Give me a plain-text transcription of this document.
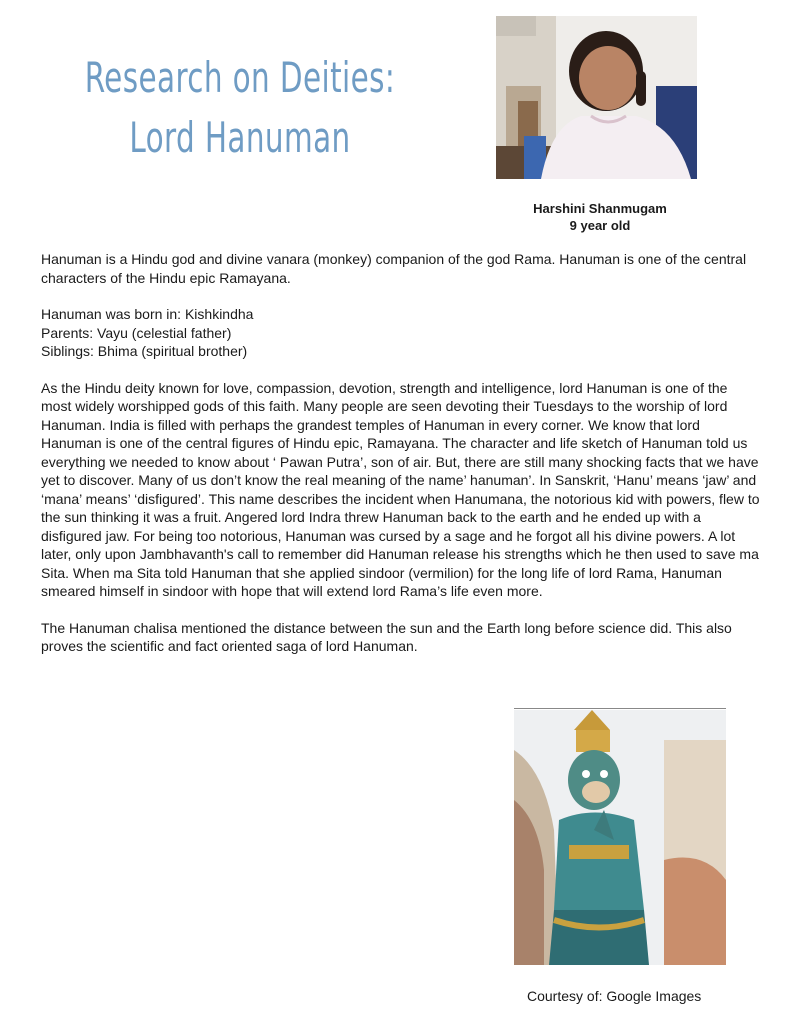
Research on Deities:
Lord Hanuman
Harshini Shanmugam
9 year old

Hanuman is a Hindu god and divine vanara (monkey) companion of the god Rama. Hanuman is one of the central characters of the Hindu epic Ramayana.

Hanuman was born in: Kishkindha
Parents: Vayu (celestial father)
Siblings: Bhima (spiritual brother)

As the Hindu deity known for love, compassion, devotion, strength and intelligence, lord Hanuman is one of the most widely worshipped gods of this faith. Many people are seen devoting their Tuesdays to the worship of lord Hanuman. India is filled with perhaps the grandest temples of Hanuman in every corner. We know that lord Hanuman is one of the central figures of Hindu epic, Ramayana. The character and life sketch of Hanuman told us everything we needed to know about ‘ Pawan Putra’, son of air. But, there are still many shocking facts that we have yet to discover. Many of us don’t know the real meaning of the name’ hanuman’. In Sanskrit, ‘Hanu’ means ‘jaw’ and ‘mana’ means’ ‘disfigured’. This name describes the incident when Hanumana, the notorious kid with powers, flew to the sun thinking it was a fruit. Angered lord Indra threw Hanuman back to the earth and he ended up with a disfigured jaw. For being too notorious, Hanuman was cursed by a sage and he forgot all his divine powers. A lot later, only upon Jambhavanth's call to remember did Hanuman release his strengths which he then used to save ma Sita. When ma Sita told Hanuman that she applied sindoor (vermilion) for the long life of lord Rama, Hanuman smeared himself in sindoor with hope that will extend lord Rama’s life even more.

The Hanuman chalisa mentioned the distance between the sun and the Earth long before science did. This also proves the scientific and fact oriented saga of lord Hanuman.

Courtesy of: Google Images
